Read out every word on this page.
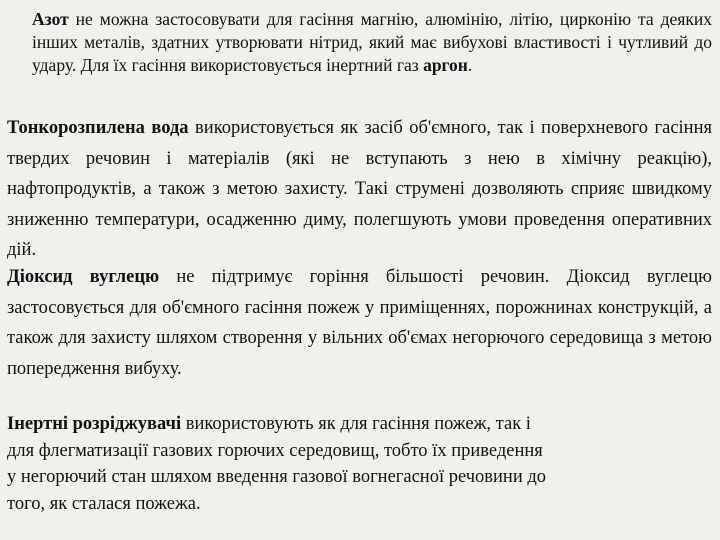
Азот не можна застосовувати для гасіння магнію, алюмінію, літію, цирконію та деяких інших металів, здатних утворювати нітрид, який має вибухові властивості і чутливий до удару. Для їх гасіння використовується інертний газ аргон.

Тонкорозпилена вода використовується як засіб об'ємного, так і поверхневого гасіння твердих речовин і матеріалів (які не вступають з нею в хімічну реакцію), нафтопродуктів, а також з метою захисту. Такі струмені дозволяють сприяє швидкому зниженню температури, осадженню диму, полегшують умови проведення оперативних дій.

Діоксид вуглецю не підтримує горіння більшості речовин. Діоксид вуглецю застосовується для об'ємного гасіння пожеж у приміщеннях, порожнинах конструкцій, а також для захисту шляхом створення у вільних об'ємах негорючого середовища з метою попередження вибуху.

Інертні розріджувачі використовують як для гасіння пожеж, так і
для флегматизації газових горючих середовищ, тобто їх приведення
у негорючий стан шляхом введення газової вогнегасної речовини до
того, як сталася пожежа.
